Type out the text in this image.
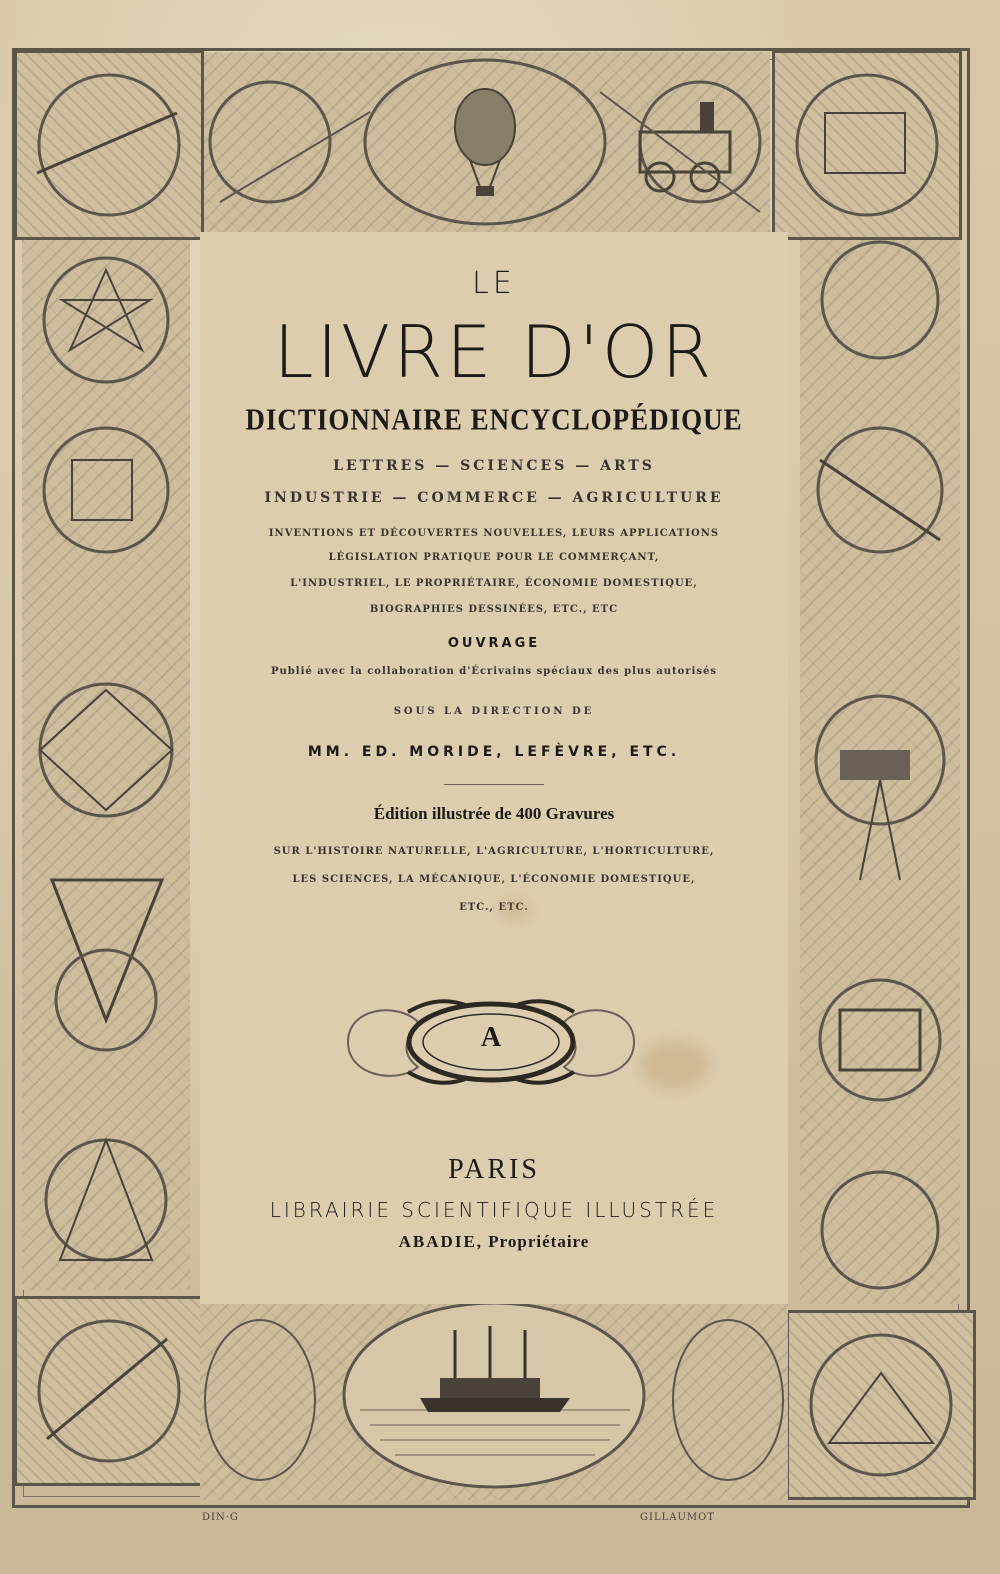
DIN·G	GILLAUMOT

LE

LIVRE D'OR

DICTIONNAIRE ENCYCLOPÉDIQUE

LETTRES — SCIENCES — ARTS

INDUSTRIE — COMMERCE — AGRICULTURE

INVENTIONS ET DÉCOUVERTES NOUVELLES, LEURS APPLICATIONS

LÉGISLATION PRATIQUE POUR LE COMMERÇANT,

L'INDUSTRIEL, LE PROPRIÉTAIRE, ÉCONOMIE DOMESTIQUE,

BIOGRAPHIES DESSINÉES, ETC., ETC

OUVRAGE

Publié avec la collaboration d'Écrivains spéciaux des plus autorisés

SOUS LA DIRECTION DE

MM. ED. MORIDE, LEFÈVRE, ETC.

Édition illustrée de 400 Gravures

SUR L'HISTOIRE NATURELLE, L'AGRICULTURE, L'HORTICULTURE,

LES SCIENCES, LA MÉCANIQUE, L'ÉCONOMIE DOMESTIQUE,

ETC., ETC.

A

PARIS

LIBRAIRIE SCIENTIFIQUE ILLUSTRÉE

ABADIE, Propriétaire
